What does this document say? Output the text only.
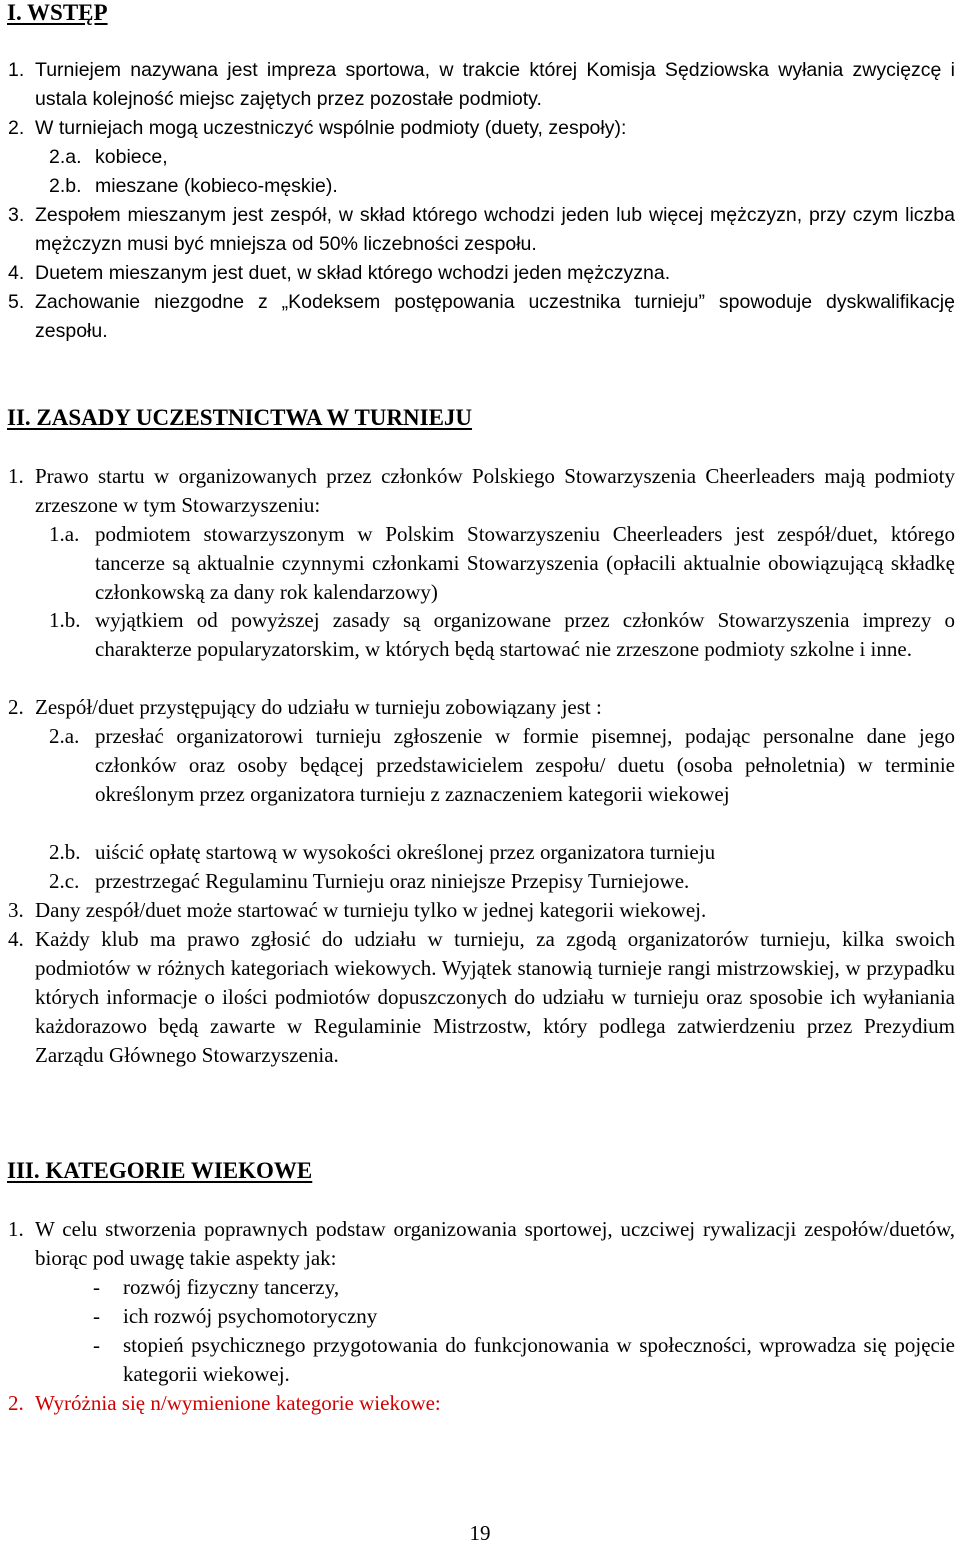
I. WSTĘP

1. Turniejem nazywana jest impreza sportowa, w trakcie której Komisja Sędziowska wyłania zwycięzcę i ustala kolejność miejsc zajętych przez pozostałe podmioty.

2. W turniejach mogą uczestniczyć wspólnie podmioty (duety, zespoły):

2.a. kobiece,

2.b. mieszane (kobieco-męskie).

3. Zespołem mieszanym jest zespół, w skład którego wchodzi jeden lub więcej mężczyzn, przy czym liczba mężczyzn musi być mniejsza od 50% liczebności zespołu.

4. Duetem mieszanym jest duet, w skład którego wchodzi jeden mężczyzna.

5. Zachowanie niezgodne z „Kodeksem postępowania uczestnika turnieju” spowoduje dyskwalifikację zespołu.

II. ZASADY UCZESTNICTWA W TURNIEJU

1. Prawo startu w organizowanych przez członków Polskiego Stowarzyszenia Cheerleaders mają podmioty zrzeszone w tym Stowarzyszeniu:

1.a. podmiotem stowarzyszonym w Polskim Stowarzyszeniu Cheerleaders jest zespół/duet, którego tancerze są aktualnie czynnymi członkami Stowarzyszenia (opłacili aktualnie obowiązującą składkę członkowską za dany rok kalendarzowy)

1.b. wyjątkiem od powyższej zasady są organizowane przez członków Stowarzyszenia imprezy o charakterze popularyzatorskim, w których będą startować nie zrzeszone podmioty szkolne i inne.

2. Zespół/duet przystępujący do udziału w turnieju zobowiązany jest :

2.a. przesłać organizatorowi turnieju zgłoszenie w formie pisemnej, podając personalne dane jego członków oraz osoby będącej przedstawicielem zespołu/ duetu (osoba pełnoletnia) w terminie określonym przez organizatora turnieju z zaznaczeniem kategorii wiekowej

2.b. uiścić opłatę startową w wysokości określonej przez organizatora turnieju

2.c. przestrzegać Regulaminu Turnieju oraz niniejsze Przepisy Turniejowe.

3. Dany zespół/duet może startować w turnieju tylko w jednej kategorii wiekowej.

4. Każdy klub ma prawo zgłosić do udziału w turnieju, za zgodą organizatorów turnieju, kilka swoich podmiotów w różnych kategoriach wiekowych. Wyjątek stanowią turnieje rangi mistrzowskiej, w przypadku których informacje o ilości podmiotów dopuszczonych do udziału w turnieju oraz sposobie ich wyłaniania każdorazowo będą zawarte w Regulaminie Mistrzostw, który podlega zatwierdzeniu przez Prezydium Zarządu Głównego Stowarzyszenia.

III. KATEGORIE WIEKOWE

1. W celu stworzenia poprawnych podstaw organizowania sportowej, uczciwej rywalizacji zespołów/duetów, biorąc pod uwagę takie aspekty jak:

- rozwój fizyczny tancerzy,

- ich rozwój psychomotoryczny

- stopień psychicznego przygotowania do funkcjonowania w społeczności, wprowadza się pojęcie kategorii wiekowej.

2. Wyróżnia się n/wymienione kategorie wiekowe:

19
